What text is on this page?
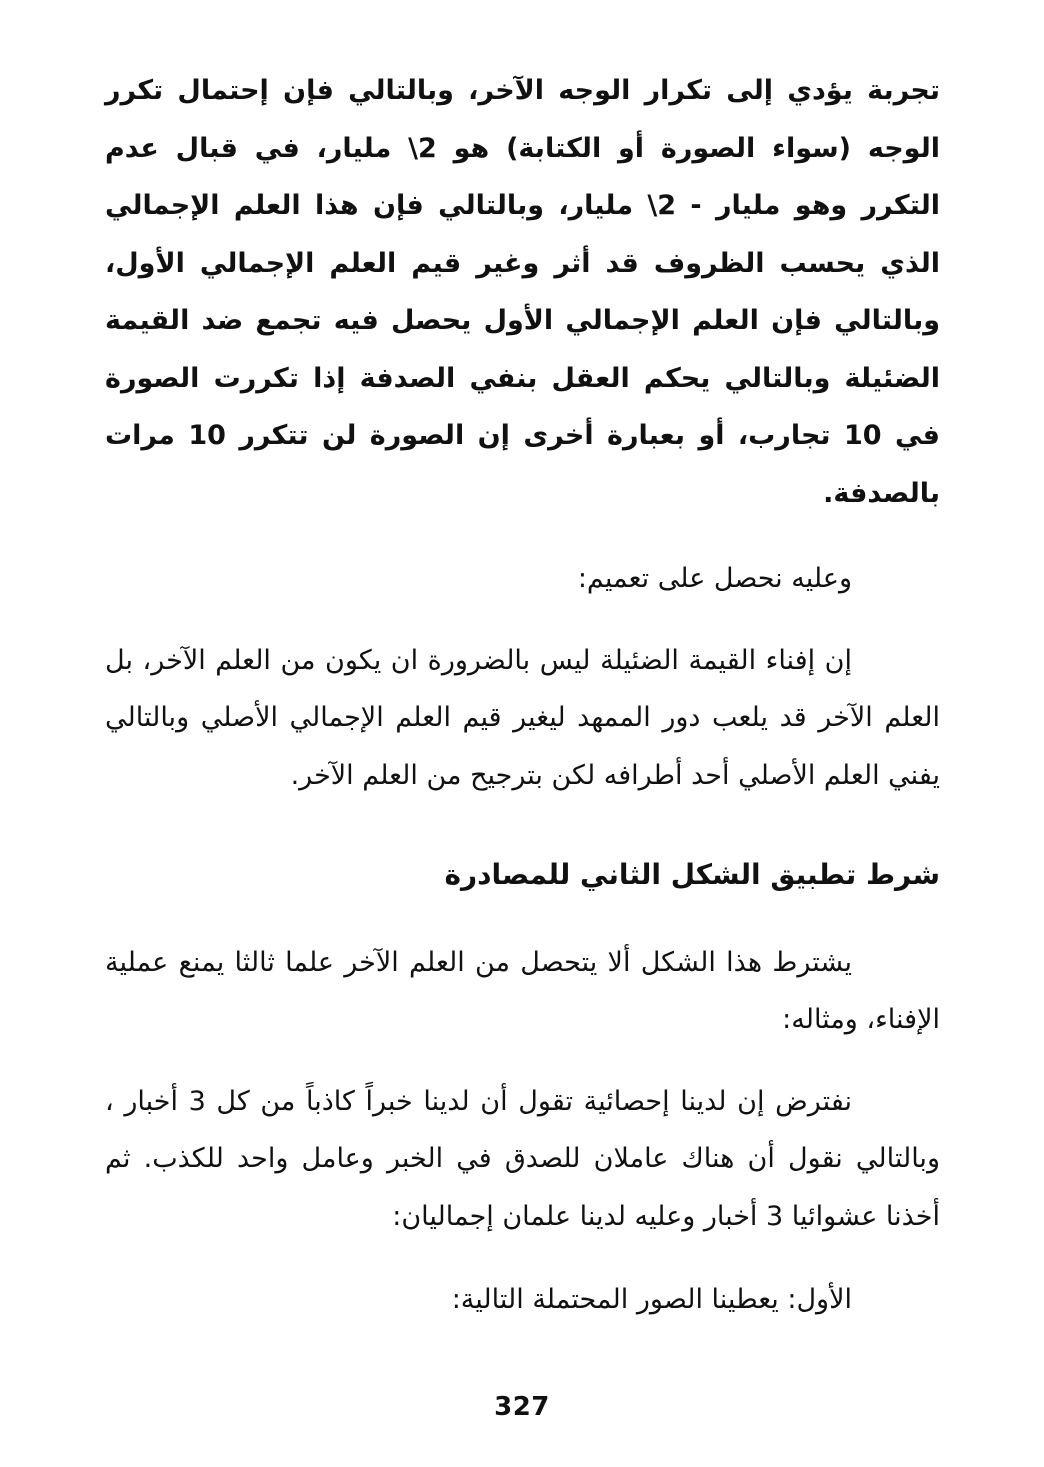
تجربة يؤدي إلى تكرار الوجه الآخر، وبالتالي فإن إحتمال تكرر الوجه (سواء الصورة أو الكتابة) هو 2\ مليار، في قبال عدم التكرر وهو مليار - 2\ مليار، وبالتالي فإن هذا العلم الإجمالي الذي يحسب الظروف قد أثر وغير قيم العلم الإجمالي الأول، وبالتالي فإن العلم الإجمالي الأول يحصل فيه تجمع ضد القيمة الضئيلة وبالتالي يحكم العقل بنفي الصدفة إذا تكررت الصورة في 10 تجارب، أو بعبارة أخرى إن الصورة لن تتكرر 10 مرات بالصدفة.

وعليه نحصل على تعميم:

إن إفناء القيمة الضئيلة ليس بالضرورة ان يكون من العلم الآخر، بل العلم الآخر قد يلعب دور الممهد ليغير قيم العلم الإجمالي الأصلي وبالتالي يفني العلم الأصلي أحد أطرافه لكن بترجيح من العلم الآخر.

شرط تطبيق الشكل الثاني للمصادرة

يشترط هذا الشكل ألا يتحصل من العلم الآخر علما ثالثا يمنع عملية الإفناء، ومثاله:

نفترض إن لدينا إحصائية تقول أن لدينا خبراً كاذباً من كل 3 أخبار ، وبالتالي نقول أن هناك عاملان للصدق في الخبر وعامل واحد للكذب. ثم أخذنا عشوائيا 3 أخبار وعليه لدينا علمان إجماليان:

الأول: يعطينا الصور المحتملة التالية:

327
